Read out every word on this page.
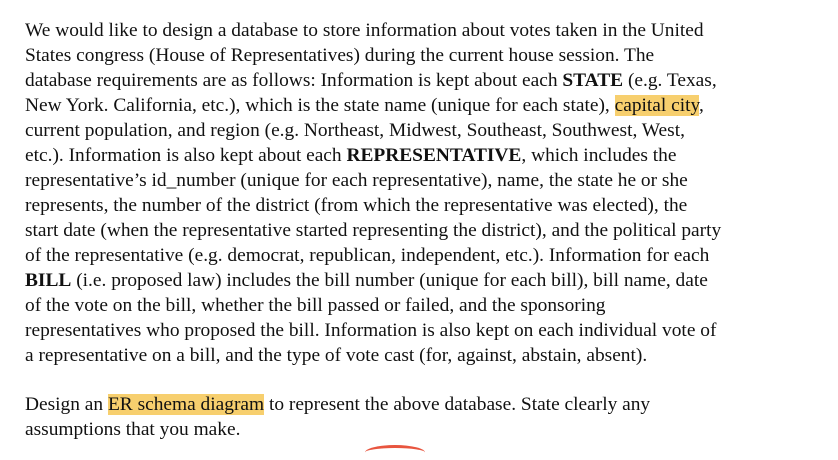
We would like to design a database to store information about votes taken in the United
States congress (House of Representatives) during the current house session. The
database requirements are as follows: Information is kept about each STATE (e.g. Texas,
New York. California, etc.), which is the state name (unique for each state), capital city,
current population, and region (e.g. Northeast, Midwest, Southeast, Southwest, West,
etc.). Information is also kept about each REPRESENTATIVE, which includes the
representative’s id_number (unique for each representative), name, the state he or she
represents, the number of the district (from which the representative was elected), the
start date (when the representative started representing the district), and the political party
of the representative (e.g. democrat, republican, independent, etc.). Information for each
BILL (i.e. proposed law) includes the bill number (unique for each bill), bill name, date
of the vote on the bill, whether the bill passed or failed, and the sponsoring
representatives who proposed the bill. Information is also kept on each individual vote of
a representative on a bill, and the type of vote cast (for, against, abstain, absent).
Design an ER schema diagram to represent the above database. State clearly any
assumptions that you make.
